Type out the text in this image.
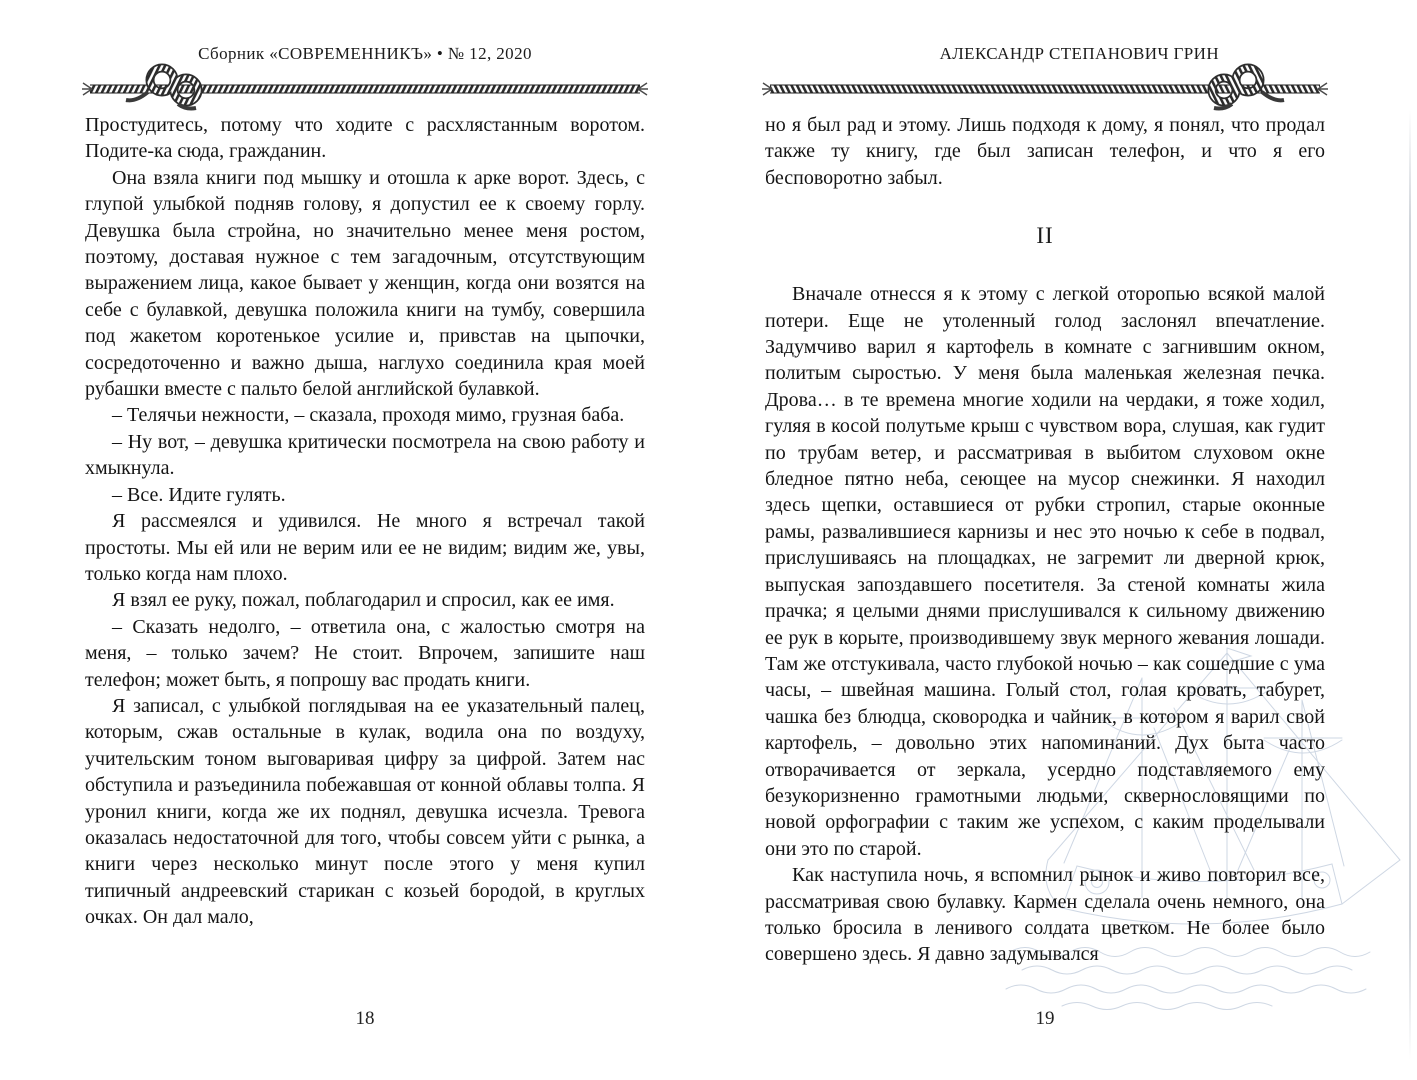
Сборник «СОВРЕМЕННИКЪ» • № 12, 2020

Простудитесь, потому что ходите с расхлястанным воротом. Подите-ка сюда, гражданин.

Она взяла книги под мышку и отошла к арке ворот. Здесь, с глупой улыбкой подняв голову, я допустил ее к своему горлу. Девушка была стройна, но значительно менее меня ростом, поэтому, доставая нужное с тем загадочным, отсутствующим выражением лица, какое бывает у женщин, когда они возятся на себе с булавкой, девушка положила книги на тумбу, совершила под жакетом коротенькое усилие и, привстав на цыпочки, сосредоточенно и важно дыша, наглухо соединила края моей рубашки вместе с пальто белой английской булавкой.

– Телячьи нежности, – сказала, проходя мимо, грузная баба.

– Ну вот, – девушка критически посмотрела на свою работу и хмыкнула.

– Все. Идите гулять.

Я рассмеялся и удивился. Не много я встречал такой простоты. Мы ей или не верим или ее не видим; видим же, увы, только когда нам плохо.

Я взял ее руку, пожал, поблагодарил и спросил, как ее имя.

– Сказать недолго, – ответила она, с жалостью смотря на меня, – только зачем? Не стоит. Впрочем, запишите наш телефон; может быть, я попрошу вас продать книги.

Я записал, с улыбкой поглядывая на ее указательный палец, которым, сжав остальные в кулак, водила она по воздуху, учительским тоном выговаривая цифру за цифрой. Затем нас обступила и разъединила побежавшая от конной облавы толпа. Я уронил книги, когда же их поднял, девушка исчезла. Тревога оказалась недостаточной для того, чтобы совсем уйти с рынка, а книги через несколько минут после этого у меня купил типичный андреевский старикан с козьей бородой, в круглых очках. Он дал мало,

18
АЛЕКСАНДР СТЕПАНОВИЧ ГРИН

но я был рад и этому. Лишь подходя к дому, я понял, что продал также ту книгу, где был записан телефон, и что я его бесповоротно забыл.

II

Вначале отнесся я к этому с легкой оторопью всякой малой потери. Еще не утоленный голод заслонял впечатление. Задумчиво варил я картофель в комнате с загнившим окном, политым сыростью. У меня была маленькая железная печка. Дрова… в те времена многие ходили на чердаки, я тоже ходил, гуляя в косой полутьме крыш с чувством вора, слушая, как гудит по трубам ветер, и рассматривая в выбитом слуховом окне бледное пятно неба, сеющее на мусор снежинки. Я находил здесь щепки, оставшиеся от рубки стропил, старые оконные рамы, развалившиеся карнизы и нес это ночью к себе в подвал, прислушиваясь на площадках, не загремит ли дверной крюк, выпуская запоздавшего посетителя. За стеной комнаты жила прачка; я целыми днями прислушивался к сильному движению ее рук в корыте, производившему звук мерного жевания лошади. Там же отстукивала, часто глубокой ночью – как сошедшие с ума часы, – швейная машина. Голый стол, голая кровать, табурет, чашка без блюдца, сковородка и чайник, в котором я варил свой картофель, – довольно этих напоминаний. Дух быта часто отворачивается от зеркала, усердно подставляемого ему безукоризненно грамотными людьми, сквернословящими по новой орфографии с таким же успехом, с каким проделывали они это по старой.

Как наступила ночь, я вспомнил рынок и живо повторил все, рассматривая свою булавку. Кармен сделала очень немного, она только бросила в ленивого солдата цветком. Не более было совершено здесь. Я давно задумывался

19
